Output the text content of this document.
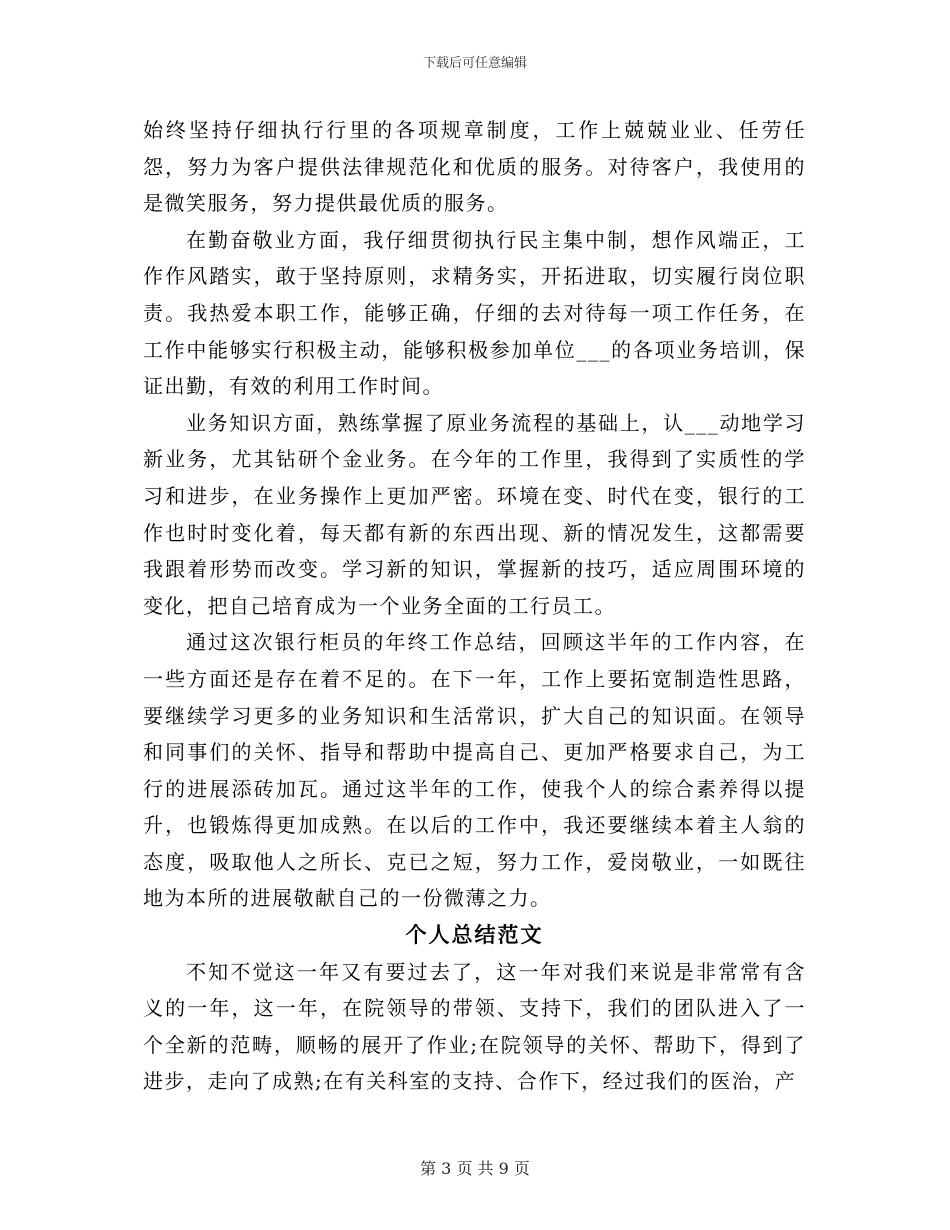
下载后可任意编辑

始终坚持仔细执行行里的各项规章制度，工作上兢兢业业、任劳任怨，努力为客户提供法律规范化和优质的服务。对待客户，我使用的是微笑服务，努力提供最优质的服务。

在勤奋敬业方面，我仔细贯彻执行民主集中制，想作风端正，工作作风踏实，敢于坚持原则，求精务实，开拓进取，切实履行岗位职责。我热爱本职工作，能够正确，仔细的去对待每一项工作任务，在工作中能够实行积极主动，能够积极参加单位___的各项业务培训，保证出勤，有效的利用工作时间。

业务知识方面，熟练掌握了原业务流程的基础上，认___动地学习新业务，尤其钻研个金业务。在今年的工作里，我得到了实质性的学习和进步，在业务操作上更加严密。环境在变、时代在变，银行的工作也时时变化着，每天都有新的东西出现、新的情况发生，这都需要我跟着形势而改变。学习新的知识，掌握新的技巧，适应周围环境的变化，把自己培育成为一个业务全面的工行员工。

通过这次银行柜员的年终工作总结，回顾这半年的工作内容，在一些方面还是存在着不足的。在下一年，工作上要拓宽制造性思路，要继续学习更多的业务知识和生活常识，扩大自己的知识面。在领导和同事们的关怀、指导和帮助中提高自己、更加严格要求自己，为工行的进展添砖加瓦。通过这半年的工作，使我个人的综合素养得以提升，也锻炼得更加成熟。在以后的工作中，我还要继续本着主人翁的态度，吸取他人之所长、克已之短，努力工作，爱岗敬业，一如既往地为本所的进展敬献自己的一份微薄之力。

个人总结范文

不知不觉这一年又有要过去了，这一年对我们来说是非常常有含义的一年，这一年，在院领导的带领、支持下，我们的团队进入了一个全新的范畴，顺畅的展开了作业;在院领导的关怀、帮助下，得到了进步，走向了成熟;在有关科室的支持、合作下，经过我们的医治，产

第 3 页 共 9 页
